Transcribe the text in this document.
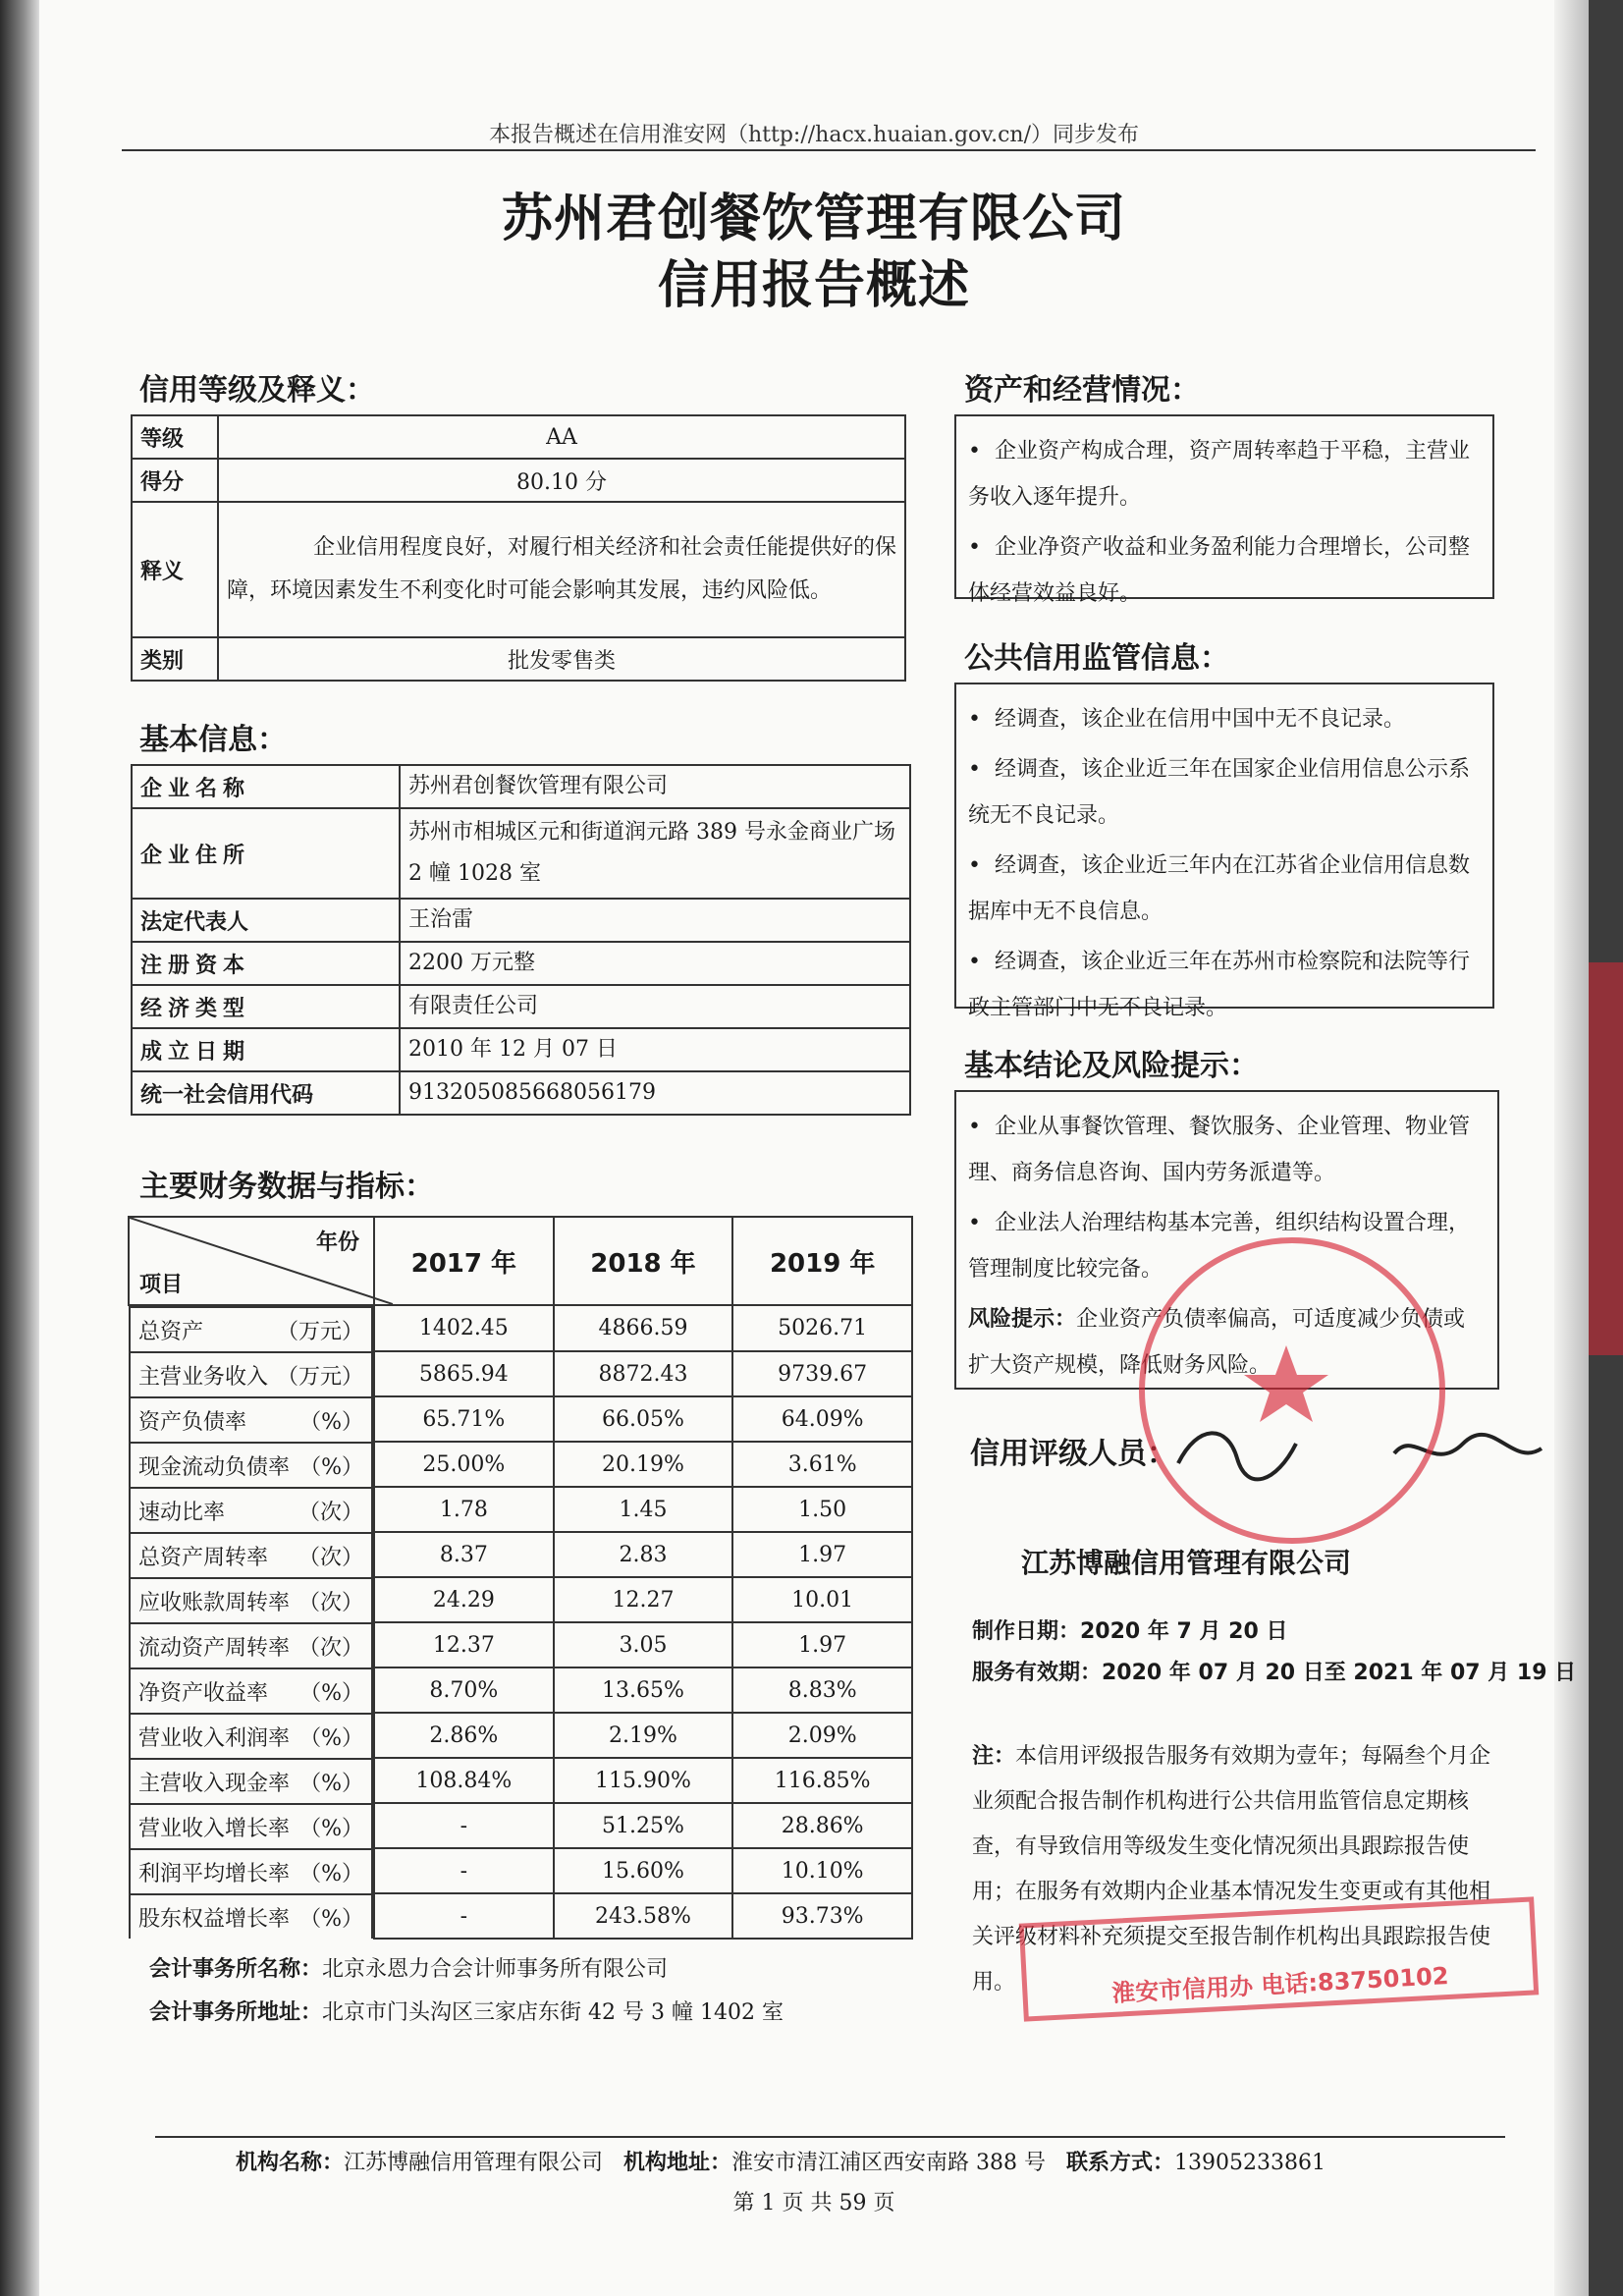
本报告概述在信用淮安网（http://hacx.huaian.gov.cn/）同步发布
苏州君创餐饮管理有限公司
信用报告概述
信用等级及释义：
等级	AA
得分	80.10 分
释义	企业信用程度良好，对履行相关经济和社会责任能提供好的保障，环境因素发生不利变化时可能会影响其发展，违约风险低。
类别	批发零售类
基本信息：
企业名称	苏州君创餐饮管理有限公司
企业住所	苏州市相城区元和街道润元路 389 号永金商业广场 2 幢 1028 室
法定代表人	王治雷
注册资本	2200 万元整
经济类型	有限责任公司
成立日期	2010 年 12 月 07 日
统一社会信用代码	913205085668056179
主要财务数据与指标：
年份
项目	2017 年	2018 年	2019 年

总资产	（万元）	1402.45	4866.59	5026.71

主营业务收入 （万元）	5865.94	8872.43	9739.67

资产负债率 （%）	65.71%	66.05%	64.09%

现金流动负债率 （%）	25.00%	20.19%	3.61%

速动比率	（次）	1.78	1.45	1.50

总资产周转率 （次）	8.37	2.83	1.97

应收账款周转率 （次）	24.29	12.27	10.01

流动资产周转率 （次）	12.37	3.05	1.97

净资产收益率 （%）	8.70%	13.65%	8.83%

营业收入利润率 （%）	2.86%	2.19%	2.09%

主营收入现金率 （%） 108.84%	115.90%	116.85%

营业收入增长率 （%）	-	51.25%	28.86%

利润平均增长率 （%）	-	15.60%	10.10%

股东权益增长率 （%）	-	243.58%	93.73%
会计事务所名称：北京永恩力合会计师事务所有限公司
会计事务所地址：北京市门头沟区三家店东街 42 号 3 幢 1402 室
资产和经营情况：

• 企业资产构成合理，资产周转率趋于平稳，主营业务收入逐年提升。

• 企业净资产收益和业务盈利能力合理增长，公司整体经营效益良好。

公共信用监管信息：

• 经调查，该企业在信用中国中无不良记录。

• 经调查，该企业近三年在国家企业信用信息公示系统无不良记录。

• 经调查，该企业近三年内在江苏省企业信用信息数据库中无不良信息。

• 经调查，该企业近三年在苏州市检察院和法院等行政主管部门中无不良记录。

基本结论及风险提示：

• 企业从事餐饮管理、餐饮服务、企业管理、物业管理、商务信息咨询、国内劳务派遣等。

• 企业法人治理结构基本完善，组织结构设置合理，管理制度比较完备。

风险提示：企业资产负债率偏高，可适度减少负债或扩大资产规模，降低财务风险。

信用评级人员：
江苏博融信用管理有限公司
制作日期：2020 年 7 月 20 日
服务有效期：2020 年 07 月 20 日至 2021 年 07 月 19 日
注：本信用评级报告服务有效期为壹年；每隔叁个月企业须配合报告制作机构进行公共信用监管信息定期核查，有导致信用等级发生变化情况须出具跟踪报告使用；在服务有效期内企业基本情况发生变更或有其他相关评级材料补充须提交至报告制作机构出具跟踪报告使用。	淮安市信用办 电话:83750102
机构名称：江苏博融信用管理有限公司 机构地址：淮安市清江浦区西安南路 388 号 联系方式：13905233861
第 1 页 共 59 页
